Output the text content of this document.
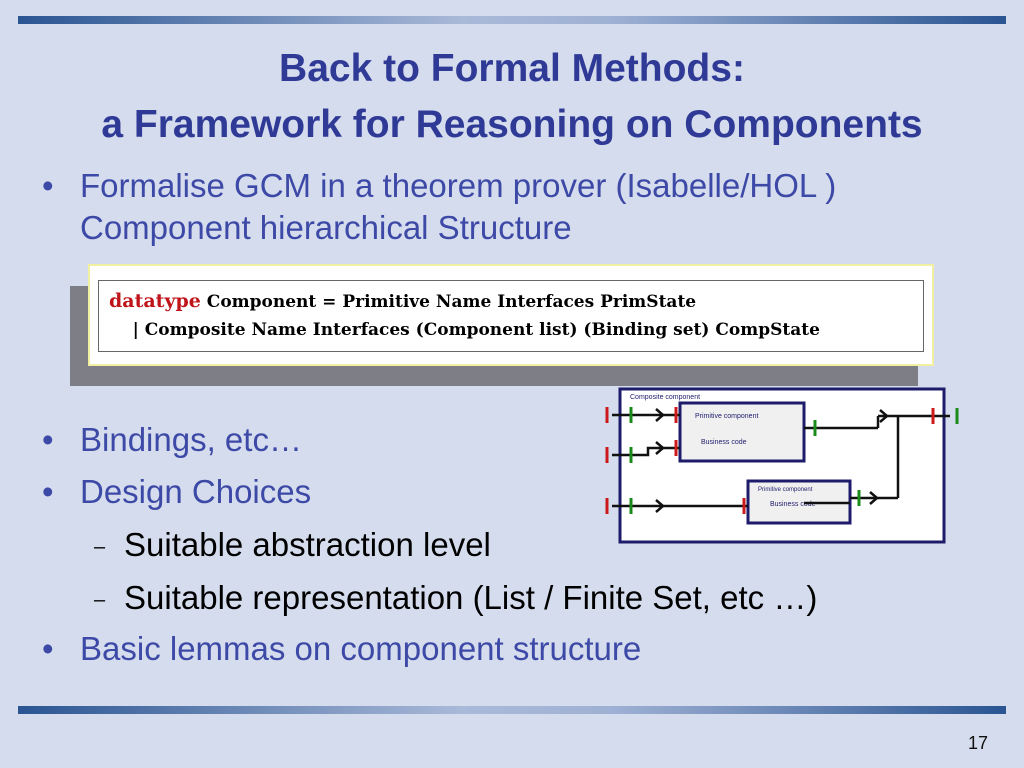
Back to Formal Methods:
a Framework for Reasoning on Components
• Formalise GCM in a theorem prover (Isabelle/HOL )
Component hierarchical Structure
datatype Component = Primitive Name Interfaces PrimState
| Composite Name Interfaces (Component list) (Binding set) CompState
• Bindings, etc…
• Design Choices
– Suitable abstraction level
– Suitable representation (List / Finite Set, etc …)
• Basic lemmas on component structure
Composite component
Primitive component
Business code
Primitive component
Business code
17
